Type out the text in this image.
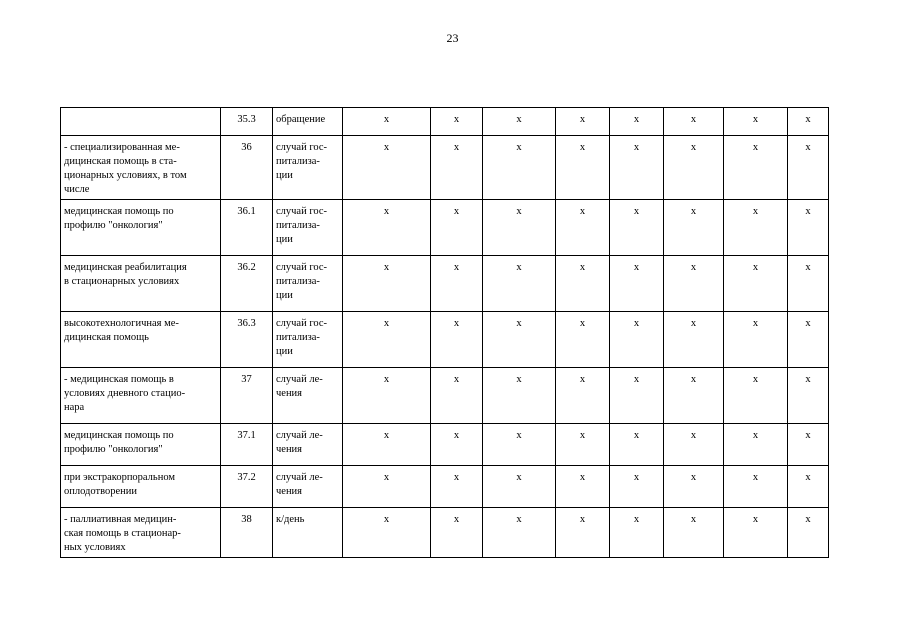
23
	35.3	обращение	x	x	x	x	x	x	x	x
- специализированная ме-
дицинская помощь в ста-
ционарных условиях, в том
числе	36	случай гос-
питализа-
ции	x	x	x	x	x	x	x	x
медицинская помощь по
профилю "онкология"	36.1	случай гос-
питализа-
ции	x	x	x	x	x	x	x	x
медицинская реабилитация
в стационарных условиях	36.2	случай гос-
питализа-
ции	x	x	x	x	x	x	x	x
высокотехнологичная ме-
дицинская помощь	36.3	случай гос-
питализа-
ции	x	x	x	x	x	x	x	x
- медицинская помощь в
условиях дневного стацио-
нара	37	случай ле-
чения	x	x	x	x	x	x	x	x
медицинская помощь по
профилю "онкология"	37.1	случай ле-
чения	x	x	x	x	x	x	x	x
при экстракорпоральном
оплодотворении	37.2	случай ле-
чения	x	x	x	x	x	x	x	x
- паллиативная медицин-
ская помощь в стационар-
ных условиях	38	к/день	x	x	x	x	x	x	x	x
